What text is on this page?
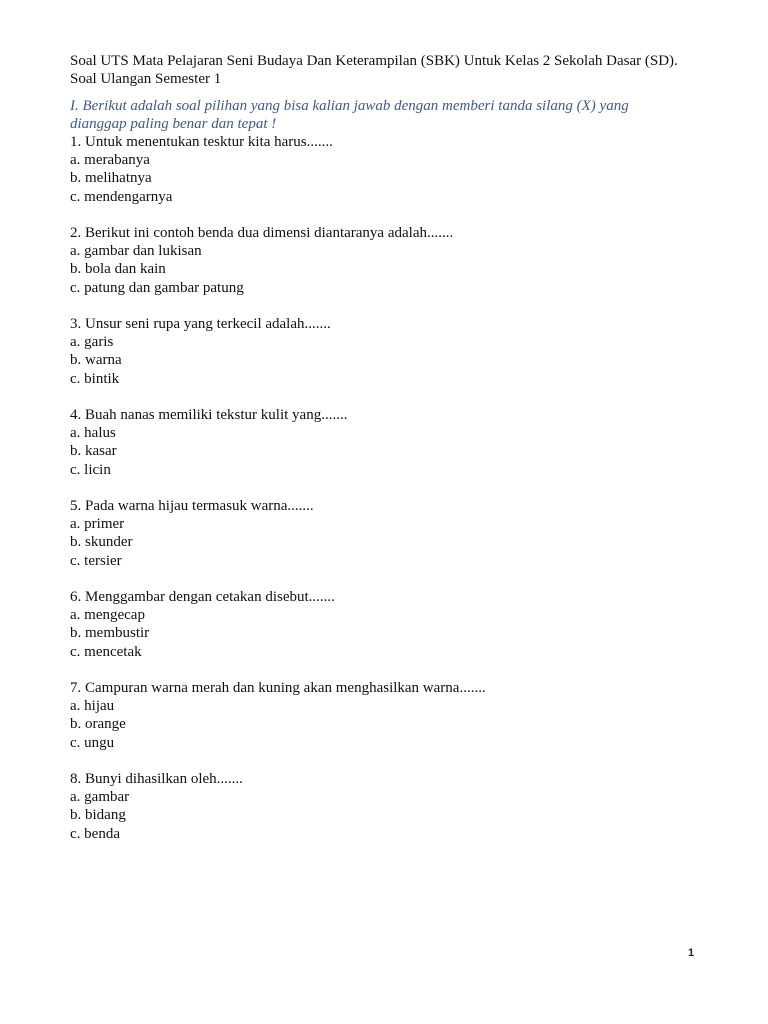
Soal UTS Mata Pelajaran Seni Budaya Dan Keterampilan (SBK) Untuk Kelas 2 Sekolah Dasar (SD).
Soal Ulangan Semester 1
I. Berikut adalah soal pilihan yang bisa kalian jawab dengan memberi tanda silang (X) yang
dianggap paling benar dan tepat !
1. Untuk menentukan tesktur kita harus.......
a. merabanya
b. melihatnya
c. mendengarnya
2. Berikut ini contoh benda dua dimensi diantaranya adalah.......
a. gambar dan lukisan
b. bola dan kain
c. patung dan gambar patung
3. Unsur seni rupa yang terkecil adalah.......
a. garis
b. warna
c. bintik
4. Buah nanas memiliki tekstur kulit yang.......
a. halus
b. kasar
c. licin
5. Pada warna hijau termasuk warna.......
a. primer
b. skunder
c. tersier
6. Menggambar dengan cetakan disebut.......
a. mengecap
b. membustir
c. mencetak
7. Campuran warna merah dan kuning akan menghasilkan warna.......
a. hijau
b. orange
c. ungu
8. Bunyi dihasilkan oleh.......
a. gambar
b. bidang
c. benda
1
